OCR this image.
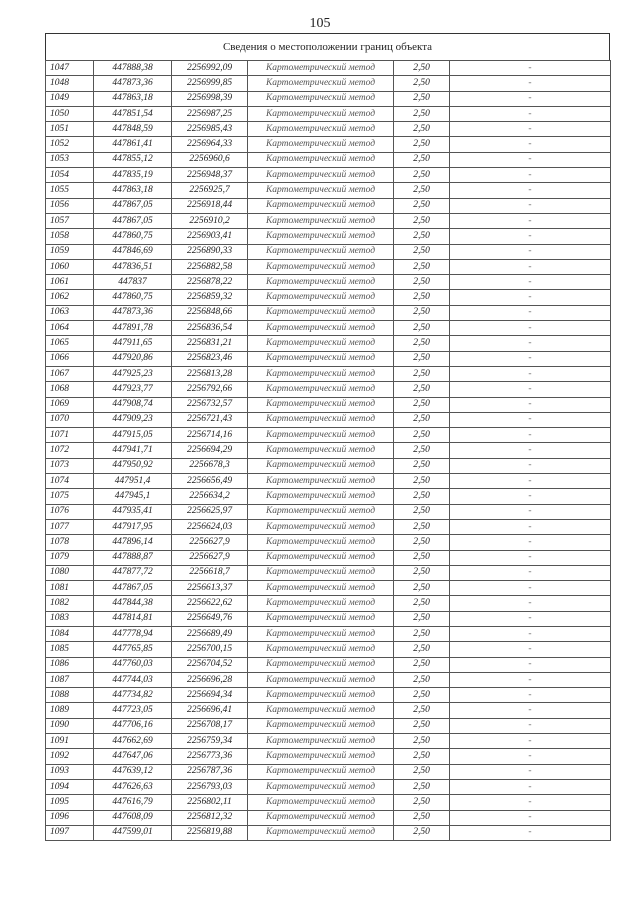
105
Сведения о местоположении границ объекта
1047	447888,38	2256992,09	Картометрический метод	2,50	-
1048	447873,36	2256999,85	Картометрический метод	2,50	-
1049	447863,18	2256998,39	Картометрический метод	2,50	-
1050	447851,54	2256987,25	Картометрический метод	2,50	-
1051	447848,59	2256985,43	Картометрический метод	2,50	-
1052	447861,41	2256964,33	Картометрический метод	2,50	-
1053	447855,12	2256960,6	Картометрический метод	2,50	-
1054	447835,19	2256948,37	Картометрический метод	2,50	-
1055	447863,18	2256925,7	Картометрический метод	2,50	-
1056	447867,05	2256918,44	Картометрический метод	2,50	-
1057	447867,05	2256910,2	Картометрический метод	2,50	-
1058	447860,75	2256903,41	Картометрический метод	2,50	-
1059	447846,69	2256890,33	Картометрический метод	2,50	-
1060	447836,51	2256882,58	Картометрический метод	2,50	-
1061	447837	2256878,22	Картометрический метод	2,50	-
1062	447860,75	2256859,32	Картометрический метод	2,50	-
1063	447873,36	2256848,66	Картометрический метод	2,50	-
1064	447891,78	2256836,54	Картометрический метод	2,50	-
1065	447911,65	2256831,21	Картометрический метод	2,50	-
1066	447920,86	2256823,46	Картометрический метод	2,50	-
1067	447925,23	2256813,28	Картометрический метод	2,50	-
1068	447923,77	2256792,66	Картометрический метод	2,50	-
1069	447908,74	2256732,57	Картометрический метод	2,50	-
1070	447909,23	2256721,43	Картометрический метод	2,50	-
1071	447915,05	2256714,16	Картометрический метод	2,50	-
1072	447941,71	2256694,29	Картометрический метод	2,50	-
1073	447950,92	2256678,3	Картометрический метод	2,50	-
1074	447951,4	2256656,49	Картометрический метод	2,50	-
1075	447945,1	2256634,2	Картометрический метод	2,50	-
1076	447935,41	2256625,97	Картометрический метод	2,50	-
1077	447917,95	2256624,03	Картометрический метод	2,50	-
1078	447896,14	2256627,9	Картометрический метод	2,50	-
1079	447888,87	2256627,9	Картометрический метод	2,50	-
1080	447877,72	2256618,7	Картометрический метод	2,50	-
1081	447867,05	2256613,37	Картометрический метод	2,50	-
1082	447844,38	2256622,62	Картометрический метод	2,50	-
1083	447814,81	2256649,76	Картометрический метод	2,50	-
1084	447778,94	2256689,49	Картометрический метод	2,50	-
1085	447765,85	2256700,15	Картометрический метод	2,50	-
1086	447760,03	2256704,52	Картометрический метод	2,50	-
1087	447744,03	2256696,28	Картометрический метод	2,50	-
1088	447734,82	2256694,34	Картометрический метод	2,50	-
1089	447723,05	2256696,41	Картометрический метод	2,50	-
1090	447706,16	2256708,17	Картометрический метод	2,50	-
1091	447662,69	2256759,34	Картометрический метод	2,50	-
1092	447647,06	2256773,36	Картометрический метод	2,50	-
1093	447639,12	2256787,36	Картометрический метод	2,50	-
1094	447626,63	2256793,03	Картометрический метод	2,50	-
1095	447616,79	2256802,11	Картометрический метод	2,50	-
1096	447608,09	2256812,32	Картометрический метод	2,50	-
1097	447599,01	2256819,88	Картометрический метод	2,50	-
